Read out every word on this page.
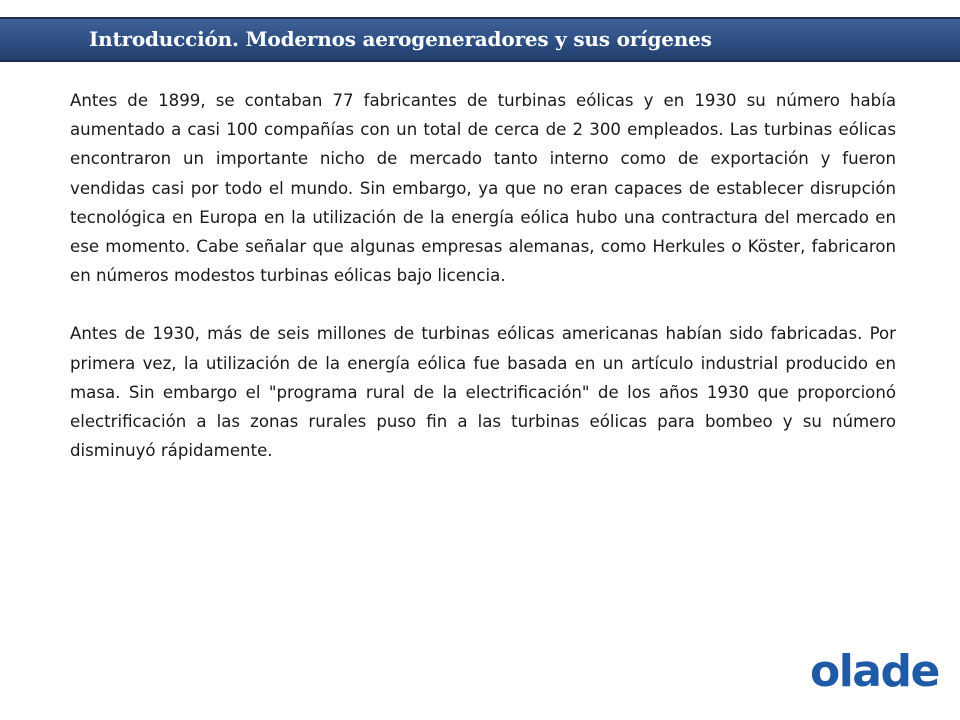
Introducción. Modernos aerogeneradores y sus orígenes

Antes de 1899, se contaban 77 fabricantes de turbinas eólicas y en 1930 su número había aumentado a casi 100 compañías con un total de cerca de 2 300 empleados. Las turbinas eólicas encontraron un importante nicho de mercado tanto interno como de exportación y fueron vendidas casi por todo el mundo. Sin embargo, ya que no eran capaces de establecer disrupción tecnológica en Europa en la utilización de la energía eólica hubo una contractura del mercado en ese momento. Cabe señalar que algunas empresas alemanas, como Herkules o Köster, fabricaron en números modestos turbinas eólicas bajo licencia.

Antes de 1930, más de seis millones de turbinas eólicas americanas habían sido fabricadas. Por primera vez, la utilización de la energía eólica fue basada en un artículo industrial producido en masa. Sin embargo el "programa rural de la electrificación" de los años 1930 que proporcionó electrificación a las zonas rurales puso fin a las turbinas eólicas para bombeo y su número disminuyó rápidamente.

olade
